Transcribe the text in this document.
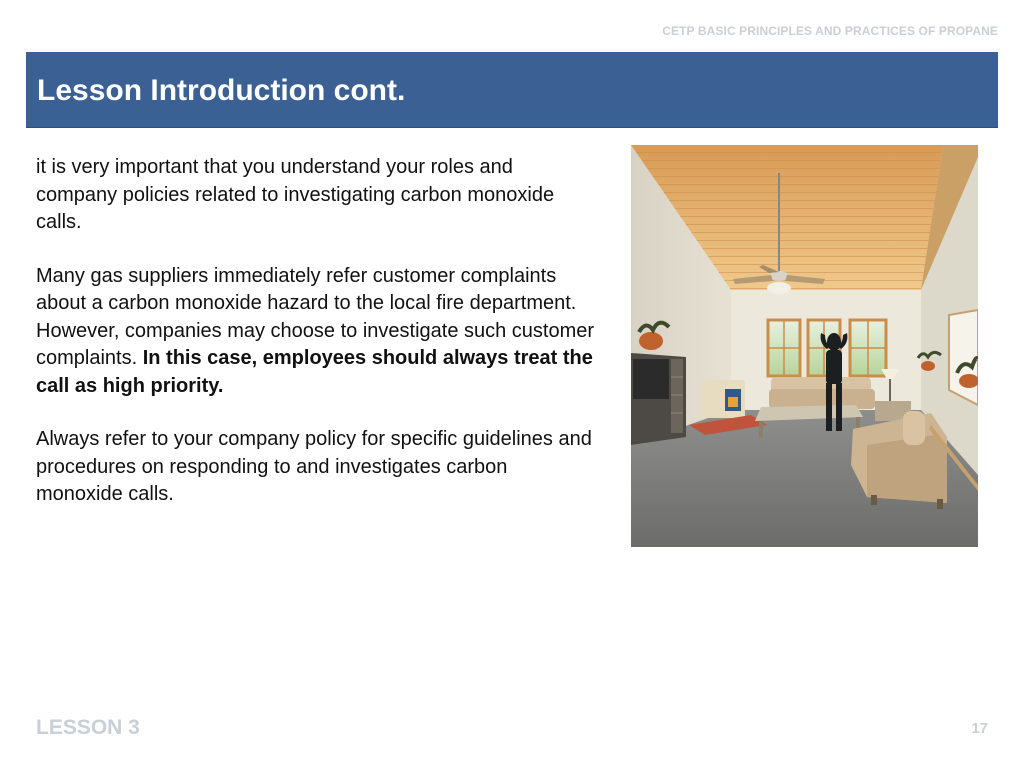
CETP BASIC PRINCIPLES AND PRACTICES OF PROPANE
Lesson Introduction cont.

it is very important that you understand your roles and company policies related to investigating carbon monoxide calls.

Many gas suppliers immediately refer customer complaints about a carbon monoxide hazard to the local fire department. However, companies may choose to investigate such customer complaints. In this case, employees should always treat the call as high priority.

Always refer to your company policy for specific guidelines and procedures on responding to and investigates carbon monoxide calls.

LESSON 3	17
